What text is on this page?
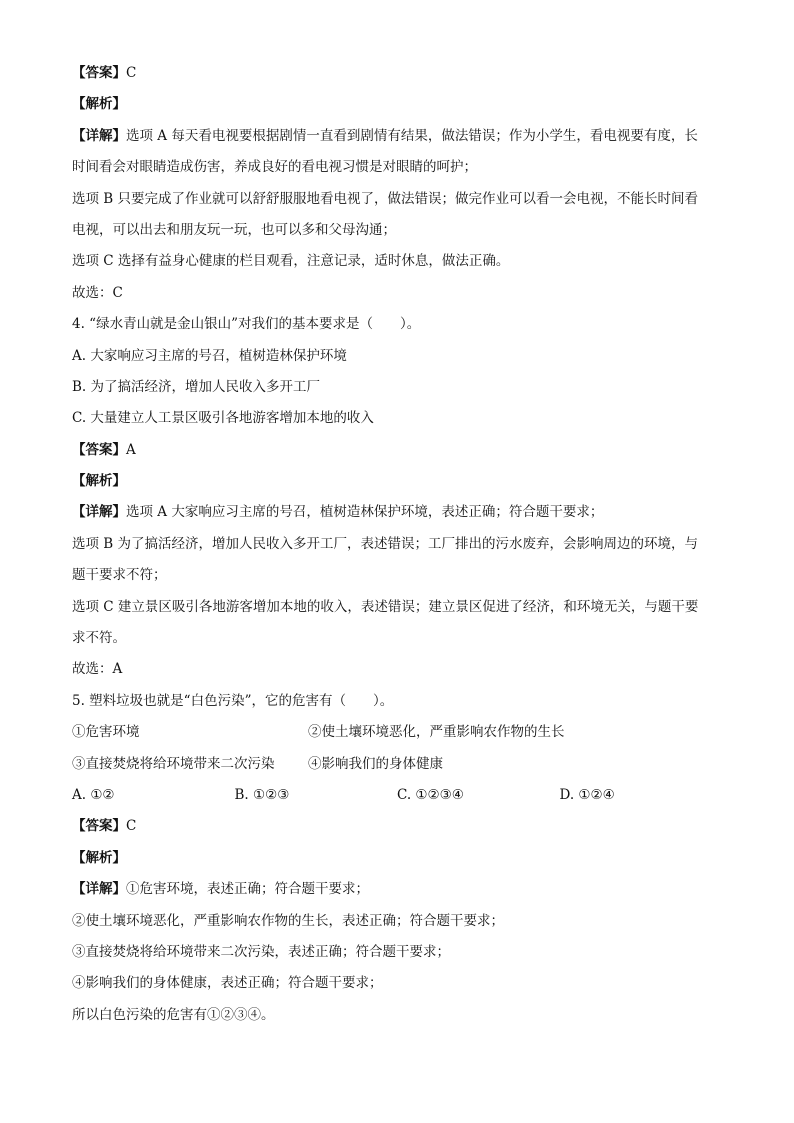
【答案】C
【解析】
【详解】选项 A 每天看电视要根据剧情一直看到剧情有结果，做法错误；作为小学生，看电视要有度，长
时间看会对眼睛造成伤害，养成良好的看电视习惯是对眼睛的呵护；
选项 B 只要完成了作业就可以舒舒服服地看电视了，做法错误；做完作业可以看一会电视，不能长时间看
电视，可以出去和朋友玩一玩，也可以多和父母沟通；
选项 C 选择有益身心健康的栏目观看，注意记录，适时休息，做法正确。
故选：C
4. “绿水青山就是金山银山”对我们的基本要求是（　　）。
A. 大家响应习主席的号召，植树造林保护环境
B. 为了搞活经济，增加人民收入多开工厂
C. 大量建立人工景区吸引各地游客增加本地的收入
【答案】A
【解析】
【详解】选项 A 大家响应习主席的号召，植树造林保护环境，表述正确；符合题干要求；
选项 B 为了搞活经济，增加人民收入多开工厂，表述错误；工厂排出的污水废弃，会影响周边的环境，与
题干要求不符；
选项 C 建立景区吸引各地游客增加本地的收入，表述错误；建立景区促进了经济，和环境无关，与题干要
求不符。
故选：A
5. 塑料垃圾也就是“白色污染”，它的危害有（　　）。
①危害环境	②使土壤环境恶化，严重影响农作物的生长
③直接焚烧将给环境带来二次污染	④影响我们的身体健康
A. ①②	B. ①②③	C. ①②③④	D. ①②④
【答案】C
【解析】
【详解】①危害环境，表述正确；符合题干要求；
②使土壤环境恶化，严重影响农作物的生长，表述正确；符合题干要求；
③直接焚烧将给环境带来二次污染，表述正确；符合题干要求；
④影响我们的身体健康，表述正确；符合题干要求；
所以白色污染的危害有①②③④。
